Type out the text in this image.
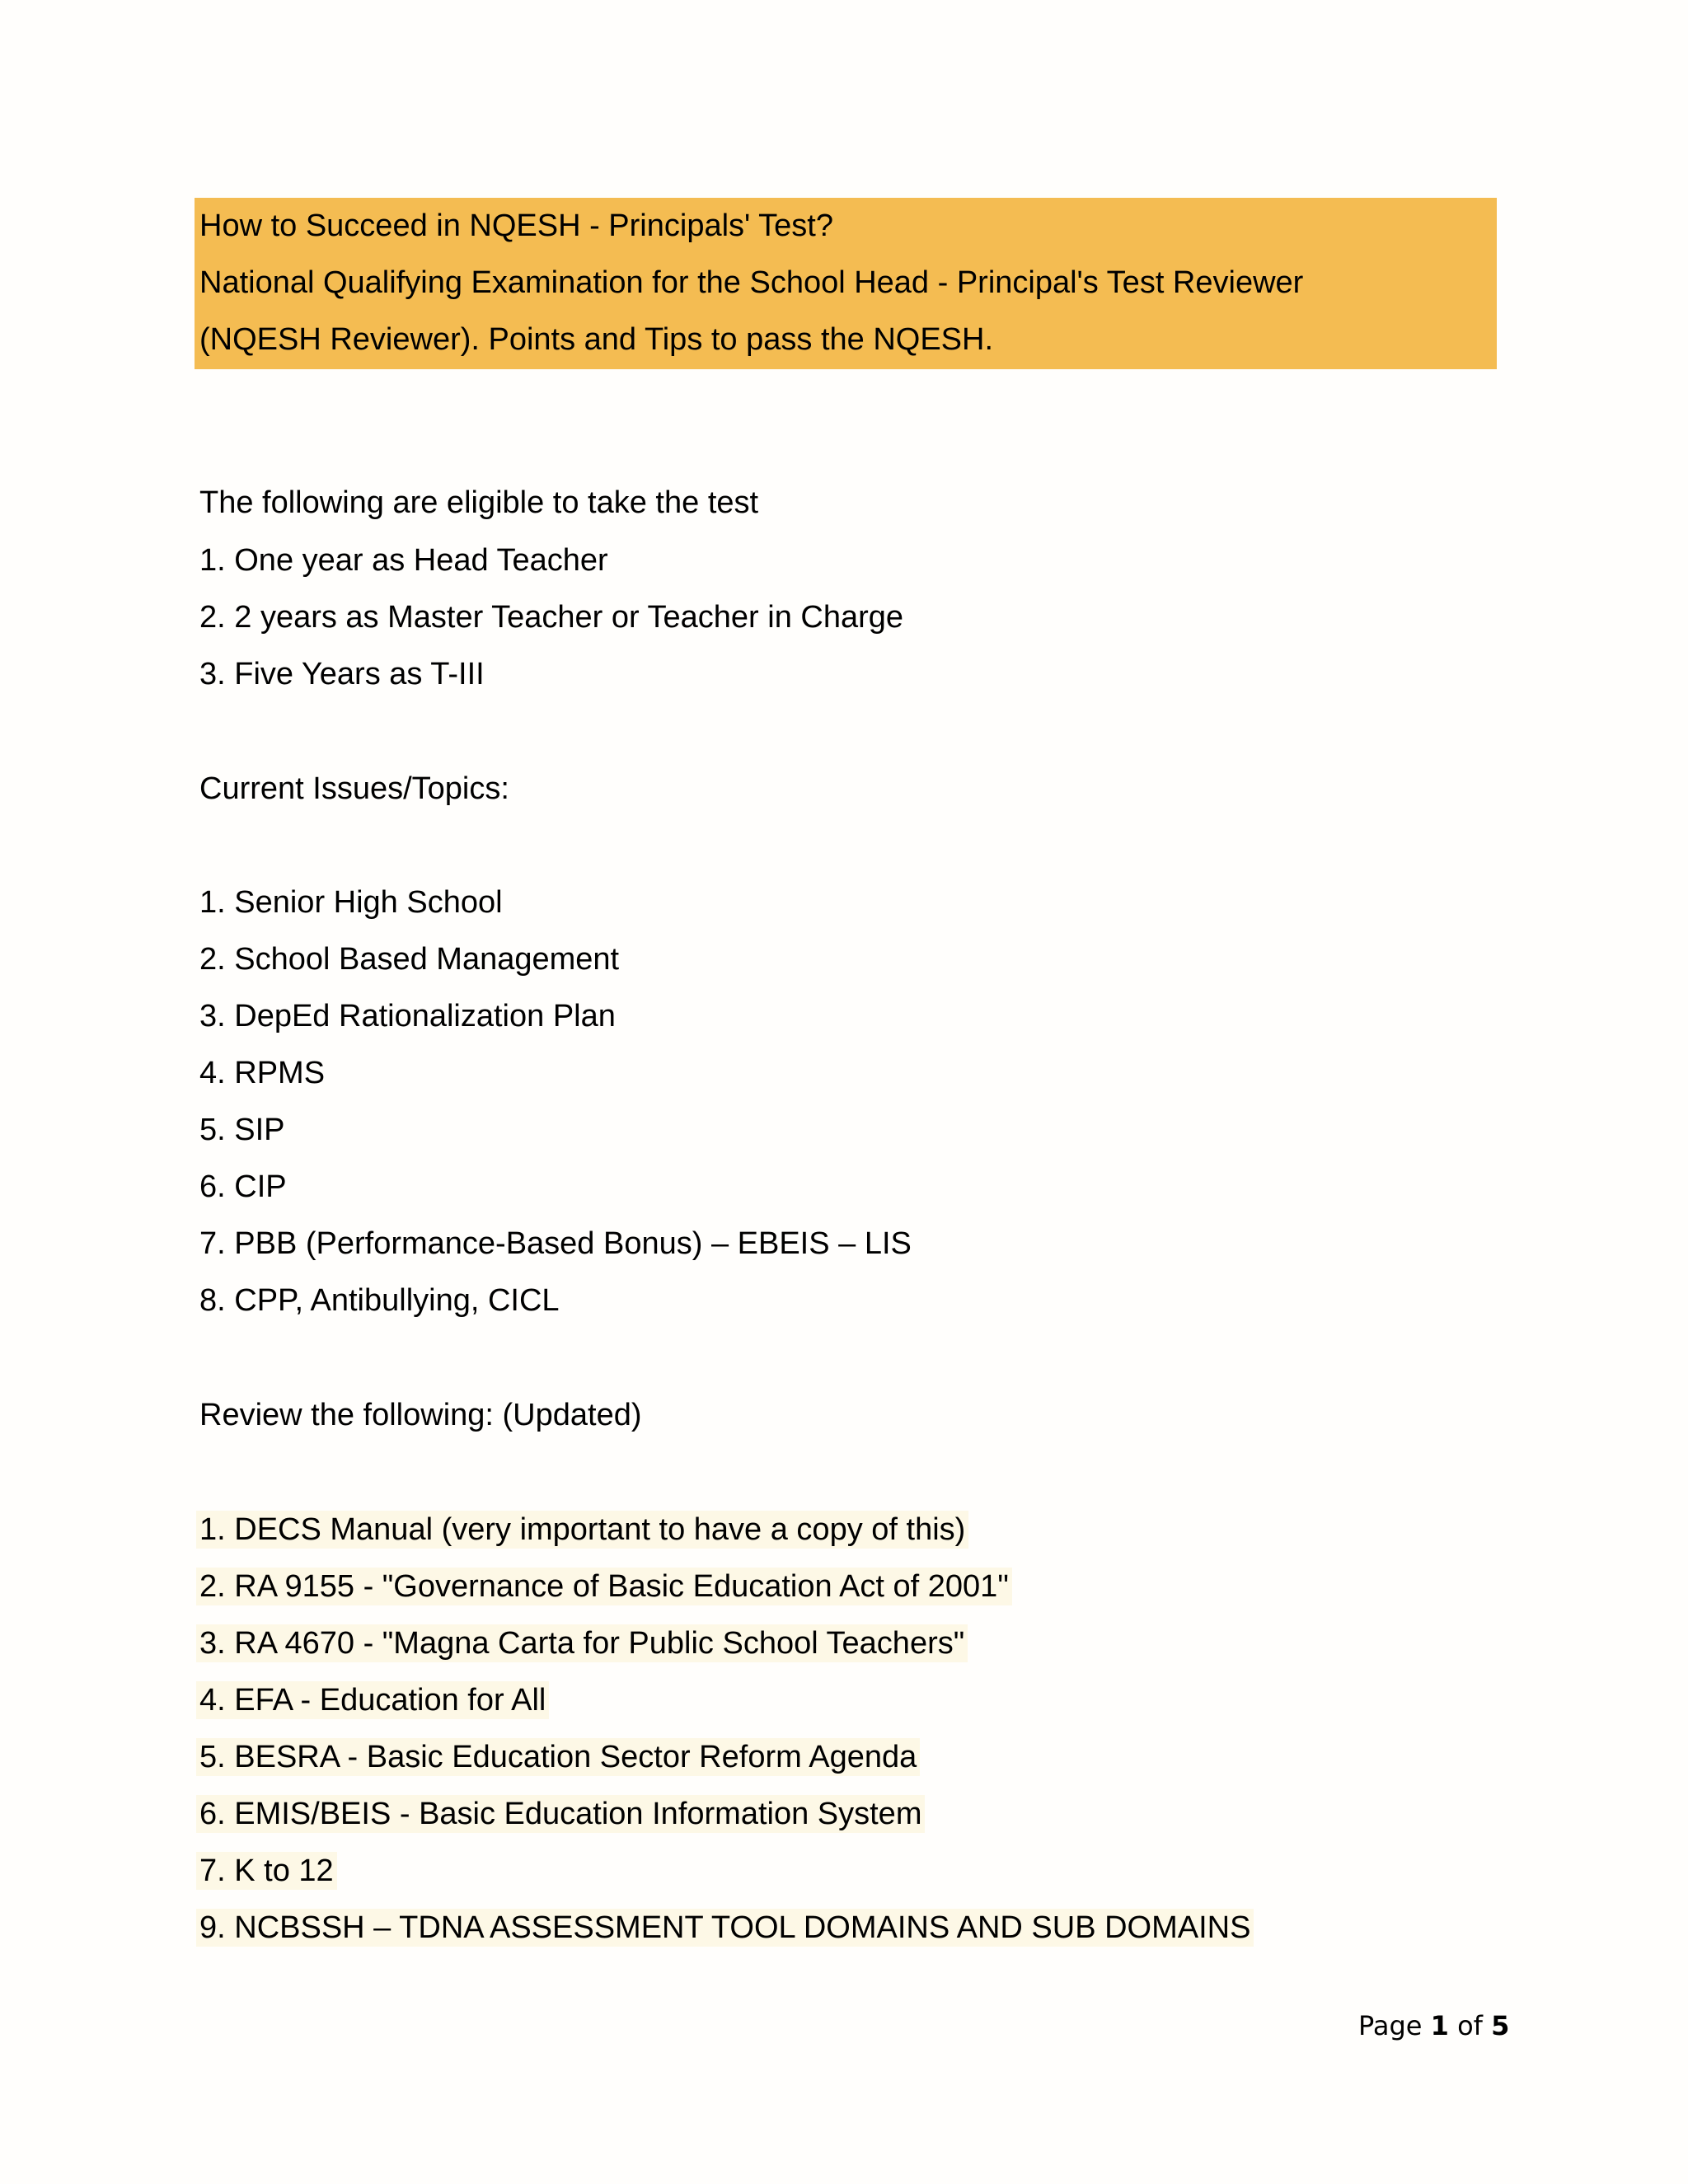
How to Succeed in NQESH - Principals' Test?
National Qualifying Examination for the School Head - Principal's Test Reviewer
(NQESH Reviewer). Points and Tips to pass the NQESH.
The following are eligible to take the test
1. One year as Head Teacher
2. 2 years as Master Teacher or Teacher in Charge
3. Five Years as T-III
Current Issues/Topics:
1. Senior High School
2. School Based Management
3. DepEd Rationalization Plan
4. RPMS
5. SIP
6. CIP
7. PBB (Performance-Based Bonus) – EBEIS – LIS
8. CPP, Antibullying, CICL
Review the following: (Updated)
1. DECS Manual (very important to have a copy of this)
2. RA 9155 - "Governance of Basic Education Act of 2001"
3. RA 4670 - "Magna Carta for Public School Teachers"
4. EFA - Education for All
5. BESRA - Basic Education Sector Reform Agenda
6. EMIS/BEIS - Basic Education Information System
7. K to 12
9. NCBSSH – TDNA ASSESSMENT TOOL DOMAINS AND SUB DOMAINS
Page 1 of 5
